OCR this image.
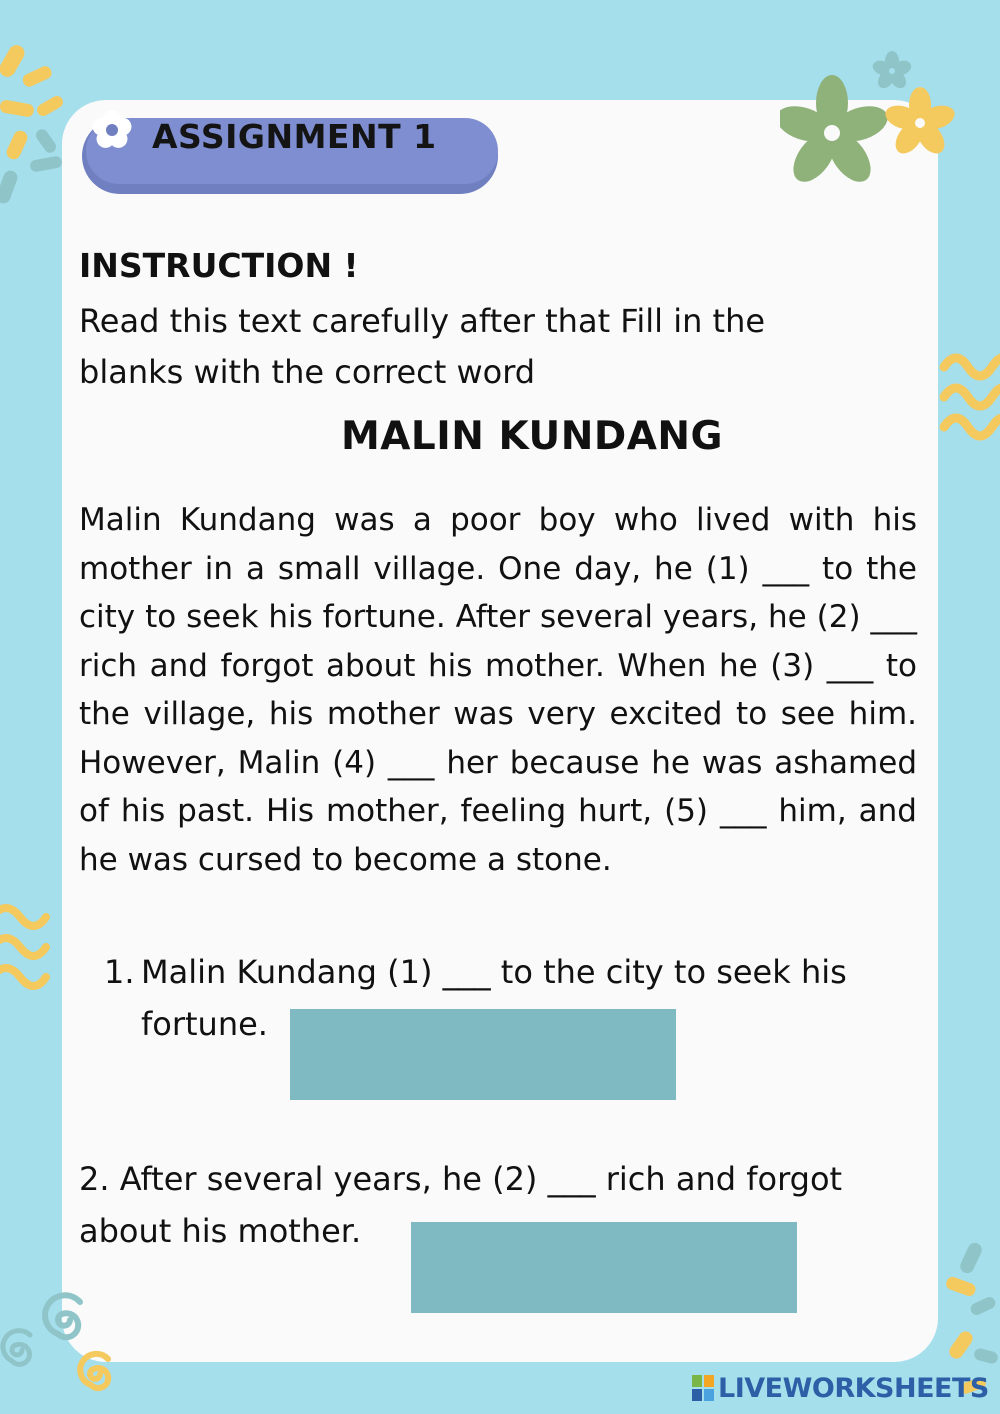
ASSIGNMENT 1
INSTRUCTION !
Read this text carefully after that Fill in the blanks with the correct word
MALIN KUNDANG
Malin Kundang was a poor boy who lived with his mother in a small village. One day, he (1) ___ to the city to seek his fortune. After several years, he (2) ___ rich and forgot about his mother. When he (3) ___ to the village, his mother was very excited to see him. However, Malin (4) ___ her because he was ashamed of his past. His mother, feeling hurt, (5) ___ him, and he was cursed to become a stone.
1. Malin Kundang (1) ___ to the city to seek his fortune.
2. After several years, he (2) ___ rich and forgot about his mother.
LIVEWORKSHEETS
